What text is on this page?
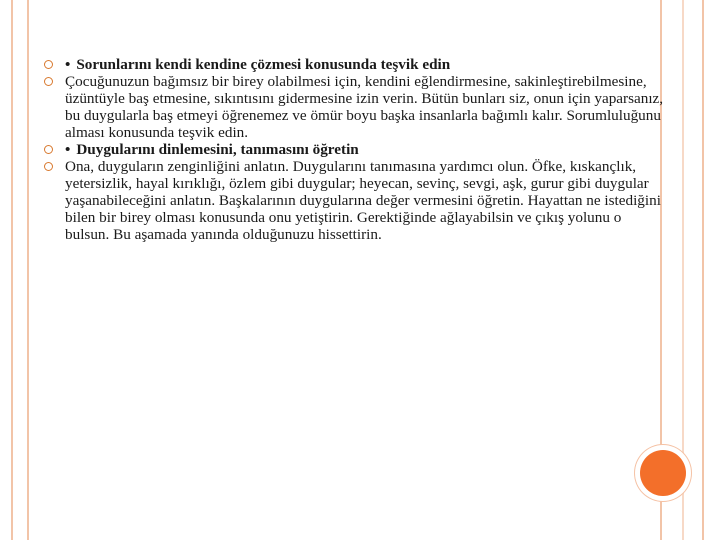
• Sorunlarını kendi kendine çözmesi konusunda teşvik edin
Çocuğunuzun bağımsız bir birey olabilmesi için, kendini eğlendirmesine, sakinleştirebilmesine, üzüntüyle baş etmesine, sıkıntısını gidermesine izin verin. Bütün bunları siz, onun için yaparsanız, bu duygularla baş etmeyi öğrenemez ve ömür boyu başka insanlarla bağımlı kalır. Sorumluluğunu alması konusunda teşvik edin.
• Duygularını dinlemesini, tanımasını öğretin
Ona, duyguların zenginliğini anlatın. Duygularını tanımasına yardımcı olun. Öfke, kıskançlık, yetersizlik, hayal kırıklığı, özlem gibi duygular; heyecan, sevinç, sevgi, aşk, gurur gibi duygular yaşanabileceğini anlatın. Başkalarının duygularına değer vermesini öğretin. Hayattan ne istediğini bilen bir birey olması konusunda onu yetiştirin. Gerektiğinde ağlayabilsin ve çıkış yolunu o bulsun. Bu aşamada yanında olduğunuzu hissettirin.
